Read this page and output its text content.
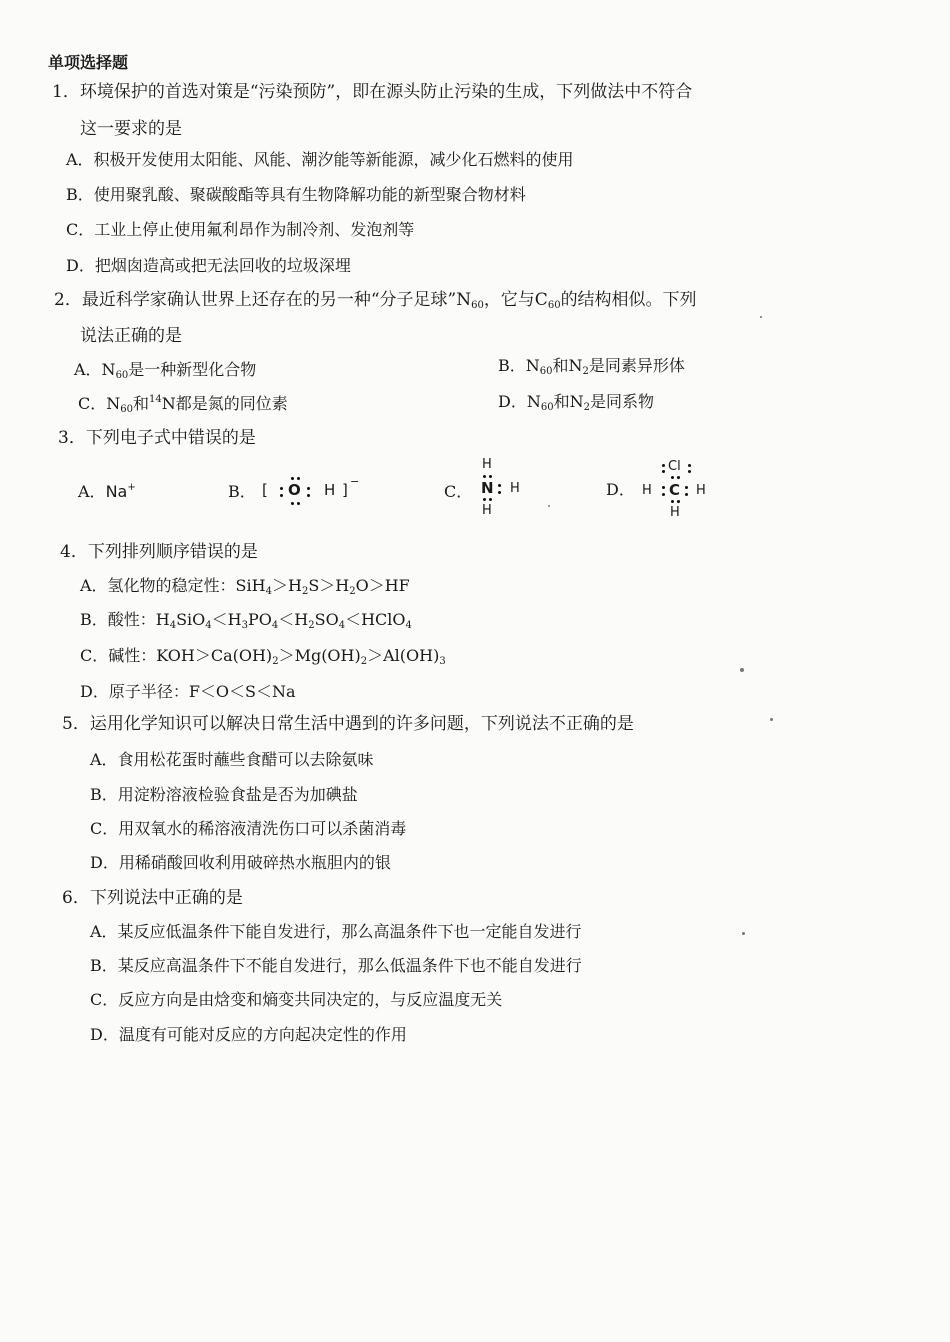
单项选择题
1．环境保护的首选对策是“污染预防”，即在源头防止污染的生成，下列做法中不符合
这一要求的是
A．积极开发使用太阳能、风能、潮汐能等新能源，减少化石燃料的使用
B．使用聚乳酸、聚碳酸酯等具有生物降解功能的新型聚合物材料
C．工业上停止使用氟利昂作为制冷剂、发泡剂等
D．把烟囱造高或把无法回收的垃圾深埋
2．最近科学家确认世界上还存在的另一种“分子足球$”N_{60}$，它与$C_{60}$的结构相似。下列
说法正确的是
A．$N_{60}$是一种新型化合物	B．$N_{60}$和$N_2$是同素异形体
C．$N_{60}$和$^{14}$N都是氮的同位素	D．$N_{60}$和$N_2$是同系物
3．下列电子式中错误的是
A．Na+	B． [ O H ] −
C．
H
N H
H
D．
Cl
H C H
H
4．下列排列顺序错误的是
A．氢化物的稳定性：$SiH_4>H_2S>H_2O>HF$
B．酸性：$H_4SiO_4<H_3PO_4<H_2SO_4<HClO_4$
C．碱性：$KOH>Ca(OH)_2>Mg(OH)_2>Al(OH)_3$
D．原子半径：F＜O＜S＜Na
5．运用化学知识可以解决日常生活中遇到的许多问题，下列说法不正确的是
A．食用松花蛋时蘸些食醋可以去除氨味
B．用淀粉溶液检验食盐是否为加碘盐
C．用双氧水的稀溶液清洗伤口可以杀菌消毒
D．用稀硝酸回收利用破碎热水瓶胆内的银
6．下列说法中正确的是
A．某反应低温条件下能自发进行，那么高温条件下也一定能自发进行
B．某反应高温条件下不能自发进行，那么低温条件下也不能自发进行
C．反应方向是由焓变和熵变共同决定的，与反应温度无关
D．温度有可能对反应的方向起决定性的作用
